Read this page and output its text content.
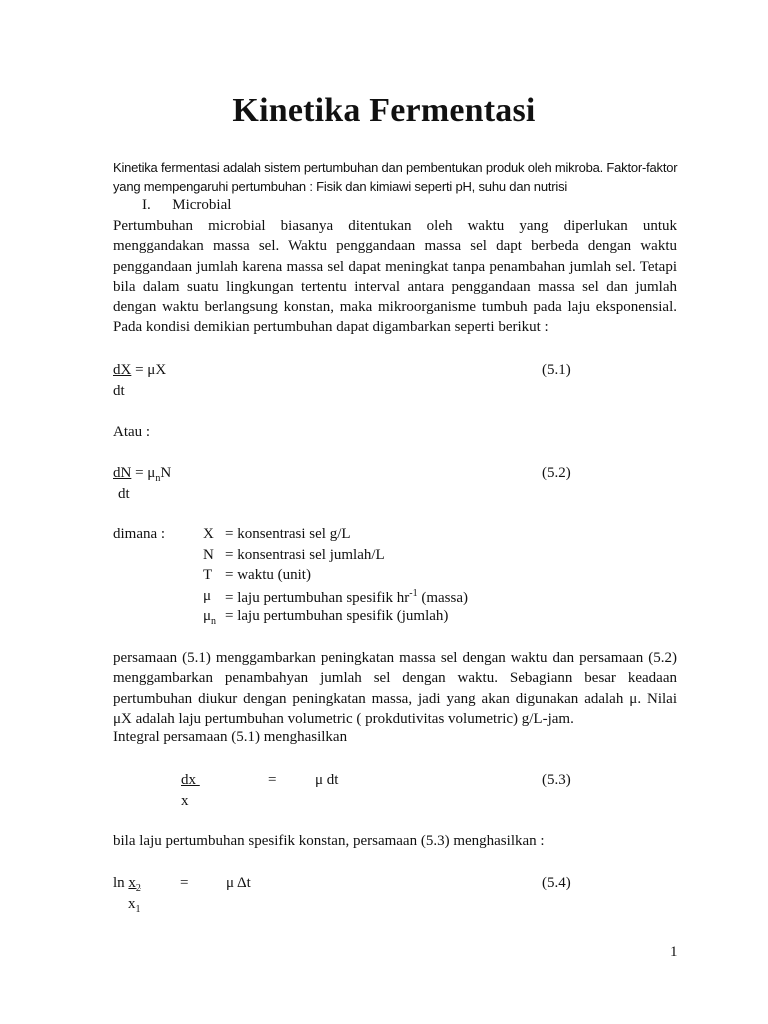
Kinetika Fermentasi
Kinetika fermentasi adalah sistem pertumbuhan dan pembentukan produk oleh mikroba. Faktor-faktor
yang mempengaruhi pertumbuhan : Fisik dan kimiawi seperti pH, suhu dan nutrisi
I. Microbial
Pertumbuhan microbial biasanya ditentukan oleh waktu yang diperlukan untuk
menggandakan massa sel. Waktu penggandaan massa sel dapt berbeda dengan waktu
penggandaan jumlah karena massa sel dapat meningkat tanpa penambahan jumlah sel. Tetapi
bila dalam suatu lingkungan tertentu interval antara penggandaan massa sel dan jumlah
dengan waktu berlangsung konstan, maka mikroorganisme tumbuh pada laju eksponensial.
Pada kondisi demikian pertumbuhan dapat digambarkan seperti berikut :
dX = μX
dt
(5.1)
Atau :
dN = $\mu_nN$
dt
(5.2)
dimana :	X	= konsentrasi sel g/L
	N	= konsentrasi sel jumlah/L
	T	= waktu (unit)
	μ	= laju pertumbuhan spesifik $hr^{-1}$ (massa)
	$\mu_n$	= laju pertumbuhan spesifik (jumlah)
persamaan (5.1) menggambarkan peningkatan massa sel dengan waktu dan persamaan (5.2)
menggambarkan penambahyan jumlah sel dengan waktu. Sebagiann besar keadaan
pertumbuhan diukur dengan peningkatan massa, jadi yang akan digunakan adalah μ. Nilai
μX adalah laju pertumbuhan volumetric ( prokdutivitas volumetric) g/L-jam.
Integral persamaan (5.1) menghasilkan
dx	=	μ dt
x
(5.3)
bila laju pertumbuhan spesifik konstan, persamaan (5.3) menghasilkan :
$\ln x_2$	=	μ Δt
$x_1$
(5.4)
1
